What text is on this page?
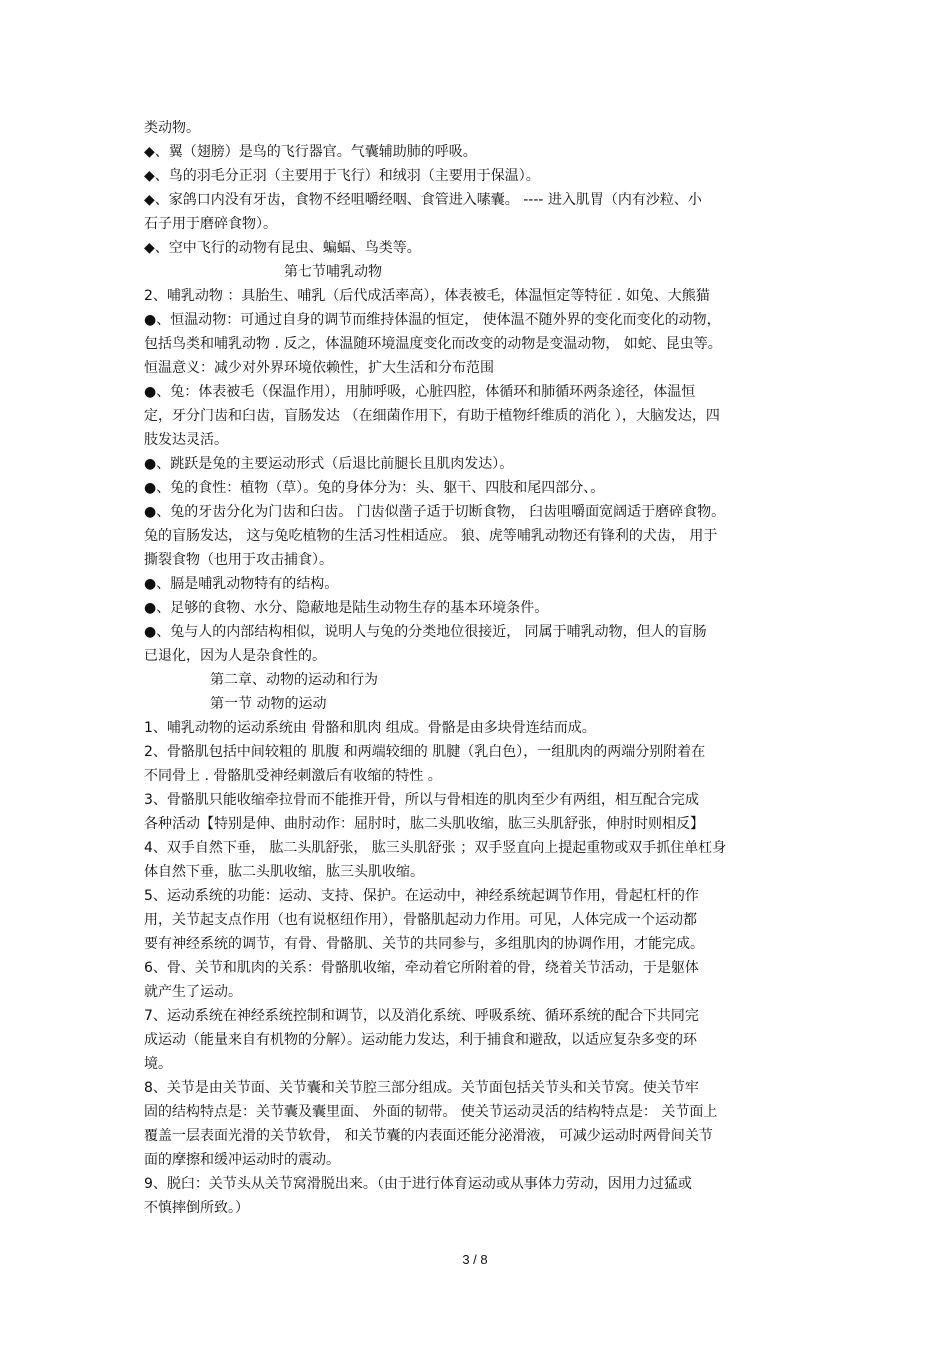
类动物。
◆、翼（翅膀）是鸟的飞行器官。气囊辅助肺的呼吸。
◆、鸟的羽毛分正羽（主要用于飞行）和绒羽（主要用于保温）。
◆、家鸽口内没有牙齿，食物不经咀嚼经咽、食管进入嗉囊。 ---- 进入肌胃（内有沙粒、小
石子用于磨碎食物）。
◆、空中飞行的动物有昆虫、蝙蝠、鸟类等。
第七节哺乳动物
2、哺乳动物 ：具胎生、哺乳（后代成活率高），体表被毛，体温恒定等特征 . 如兔、大熊猫
●、恒温动物：可通过自身的调节而维持体温的恒定， 使体温不随外界的变化而变化的动物，
包括鸟类和哺乳动物 . 反之，体温随环境温度变化而改变的动物是变温动物， 如蛇、昆虫等。
恒温意义：减少对外界环境依赖性，扩大生活和分布范围
●、兔：体表被毛（保温作用），用肺呼吸，心脏四腔，体循环和肺循环两条途径，体温恒
定，牙分门齿和臼齿，盲肠发达 （在细菌作用下，有助于植物纤维质的消化 ），大脑发达，四
肢发达灵活。
●、跳跃是兔的主要运动形式（后退比前腿长且肌肉发达）。
●、兔的食性：植物（草）。兔的身体分为：头、躯干、四肢和尾四部分、。
●、兔的牙齿分化为门齿和臼齿。 门齿似凿子适于切断食物， 臼齿咀嚼面宽阔适于磨碎食物。
兔的盲肠发达， 这与兔吃植物的生活习性相适应。 狼、虎等哺乳动物还有锋利的犬齿， 用于
撕裂食物（也用于攻击捕食）。
●、膈是哺乳动物特有的结构。
●、足够的食物、水分、隐蔽地是陆生动物生存的基本环境条件。
●、兔与人的内部结构相似，说明人与兔的分类地位很接近， 同属于哺乳动物，但人的盲肠
已退化，因为人是杂食性的。
第二章、动物的运动和行为
第一节 动物的运动
1、哺乳动物的运动系统由 骨骼和肌肉 组成。骨骼是由多块骨连结而成。
2、骨骼肌包括中间较粗的 肌腹 和两端较细的 肌腱（乳白色），一组肌肉的两端分别附着在
不同骨上 . 骨骼肌受神经刺激后有收缩的特性 。
3、骨骼肌只能收缩牵拉骨而不能推开骨，所以与骨相连的肌肉至少有两组，相互配合完成
各种活动【特别是伸、曲肘动作：屈肘时，肱二头肌收缩，肱三头肌舒张，伸肘时则相反】
4、双手自然下垂， 肱二头肌舒张， 肱三头肌舒张 ；双手竖直向上提起重物或双手抓住单杠身
体自然下垂，肱二头肌收缩，肱三头肌收缩。
5、运动系统的功能：运动、支持、保护。在运动中，神经系统起调节作用，骨起杠杆的作
用，关节起支点作用（也有说枢纽作用），骨骼肌起动力作用。可见，人体完成一个运动都
要有神经系统的调节，有骨、骨骼肌、关节的共同参与，多组肌肉的协调作用，才能完成。
6、骨、关节和肌肉的关系：骨骼肌收缩，牵动着它所附着的骨，绕着关节活动，于是躯体
就产生了运动。
7、运动系统在神经系统控制和调节，以及消化系统、呼吸系统、循环系统的配合下共同完
成运动（能量来自有机物的分解）。运动能力发达，利于捕食和避敌，以适应复杂多变的环
境。
8、关节是由关节面、关节囊和关节腔三部分组成。关节面包括关节头和关节窝。使关节牢
固的结构特点是：关节囊及囊里面、 外面的韧带。 使关节运动灵活的结构特点是： 关节面上
覆盖一层表面光滑的关节软骨， 和关节囊的内表面还能分泌滑液， 可减少运动时两骨间关节
面的摩擦和缓冲运动时的震动。
9、脱臼：关节头从关节窝滑脱出来。（由于进行体育运动或从事体力劳动，因用力过猛或
不慎摔倒所致。）
3 / 8
